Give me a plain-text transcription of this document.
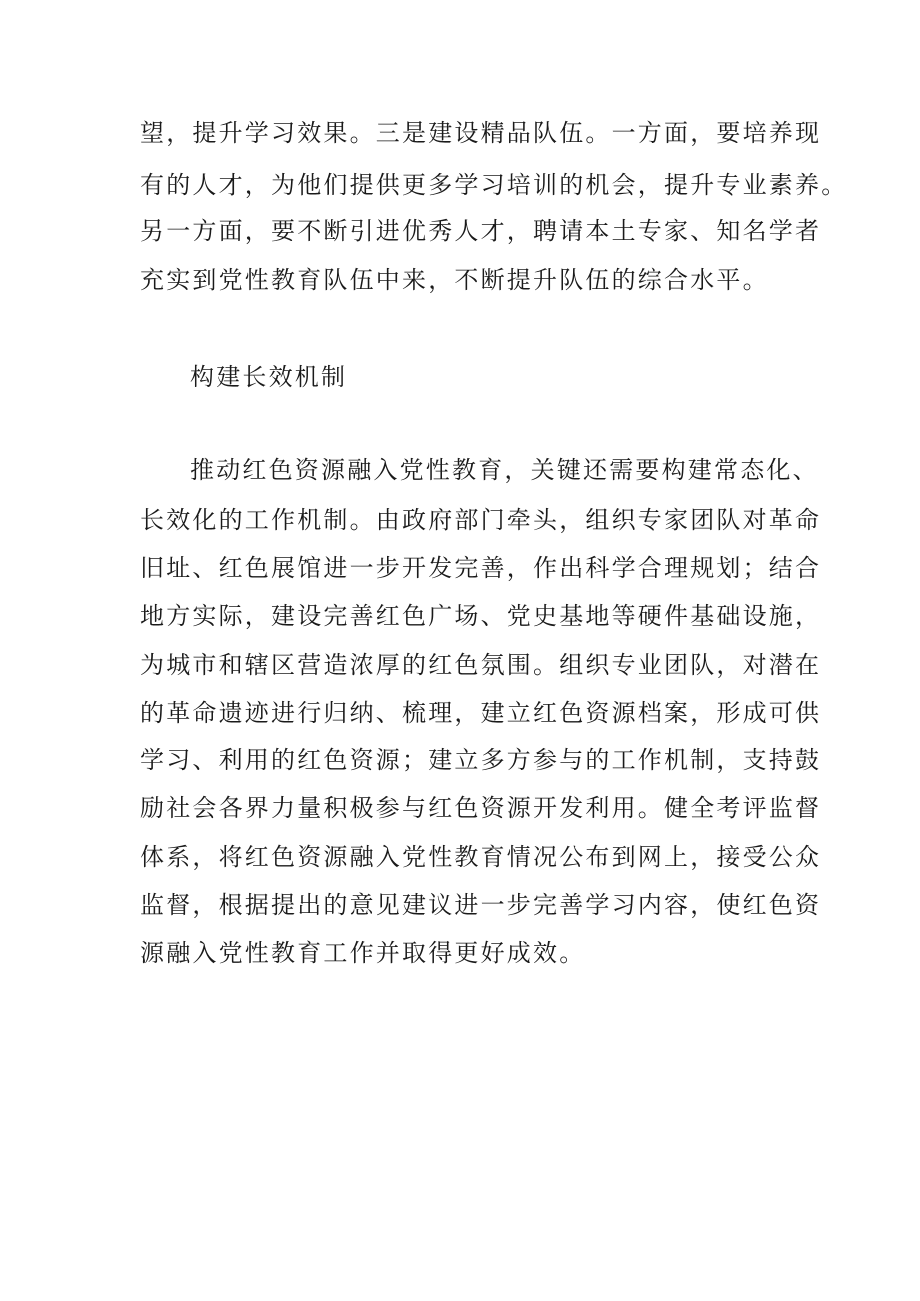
望，提升学习效果。三是建设精品队伍。一方面，要培养现
有的人才，为他们提供更多学习培训的机会，提升专业素养。
另一方面，要不断引进优秀人才，聘请本土专家、知名学者
充实到党性教育队伍中来，不断提升队伍的综合水平。
构建长效机制
推动红色资源融入党性教育，关键还需要构建常态化、
长效化的工作机制。由政府部门牵头，组织专家团队对革命
旧址、红色展馆进一步开发完善，作出科学合理规划；结合
地方实际，建设完善红色广场、党史基地等硬件基础设施，
为城市和辖区营造浓厚的红色氛围。组织专业团队，对潜在
的革命遗迹进行归纳、梳理，建立红色资源档案，形成可供
学习、利用的红色资源；建立多方参与的工作机制，支持鼓
励社会各界力量积极参与红色资源开发利用。健全考评监督
体系，将红色资源融入党性教育情况公布到网上，接受公众
监督，根据提出的意见建议进一步完善学习内容，使红色资
源融入党性教育工作并取得更好成效。
